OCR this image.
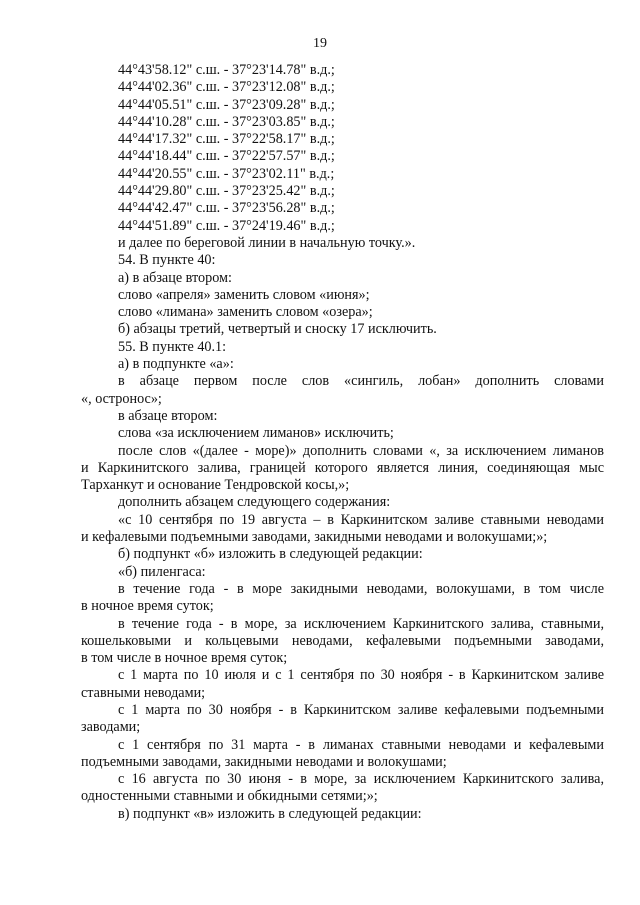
19
44°43'58.12" с.ш. - 37°23'14.78" в.д.;
44°44'02.36" с.ш. - 37°23'12.08" в.д.;
44°44'05.51" с.ш. - 37°23'09.28" в.д.;
44°44'10.28" с.ш. - 37°23'03.85" в.д.;
44°44'17.32" с.ш. - 37°22'58.17" в.д.;
44°44'18.44" с.ш. - 37°22'57.57" в.д.;
44°44'20.55" с.ш. - 37°23'02.11" в.д.;
44°44'29.80" с.ш. - 37°23'25.42" в.д.;
44°44'42.47" с.ш. - 37°23'56.28" в.д.;
44°44'51.89" с.ш. - 37°24'19.46" в.д.;
и далее по береговой линии в начальную точку.».
54. В пункте 40:
а) в абзаце втором:
слово «апреля» заменить словом «июня»;
слово «лимана» заменить словом «озера»;
б) абзацы третий, четвертый и сноску 17 исключить.
55. В пункте 40.1:
а) в подпункте «а»:
в абзаце первом после слов «сингиль, лобан» дополнить словами
«, остронос»;
в абзаце втором:
слова «за исключением лиманов» исключить;
после слов «(далее - море)» дополнить словами «, за исключением лиманов
и Каркинитского залива, границей которого является линия, соединяющая мыс
Тарханкут и основание Тендровской косы,»;
дополнить абзацем следующего содержания:
«с 10 сентября по 19 августа – в Каркинитском заливе ставными неводами
и кефалевыми подъемными заводами, закидными неводами и волокушами;»;
б) подпункт «б» изложить в следующей редакции:
«б) пиленгаса:
в течение года - в море закидными неводами, волокушами, в том числе
в ночное время суток;
в течение года - в море, за исключением Каркинитского залива, ставными,
кошельковыми и кольцевыми неводами, кефалевыми подъемными заводами,
в том числе в ночное время суток;
с 1 марта по 10 июля и с 1 сентября по 30 ноября - в Каркинитском заливе
ставными неводами;
с 1 марта по 30 ноября - в Каркинитском заливе кефалевыми подъемными
заводами;
с 1 сентября по 31 марта - в лиманах ставными неводами и кефалевыми
подъемными заводами, закидными неводами и волокушами;
с 16 августа по 30 июня - в море, за исключением Каркинитского залива,
одностенными ставными и обкидными сетями;»;
в) подпункт «в» изложить в следующей редакции:
